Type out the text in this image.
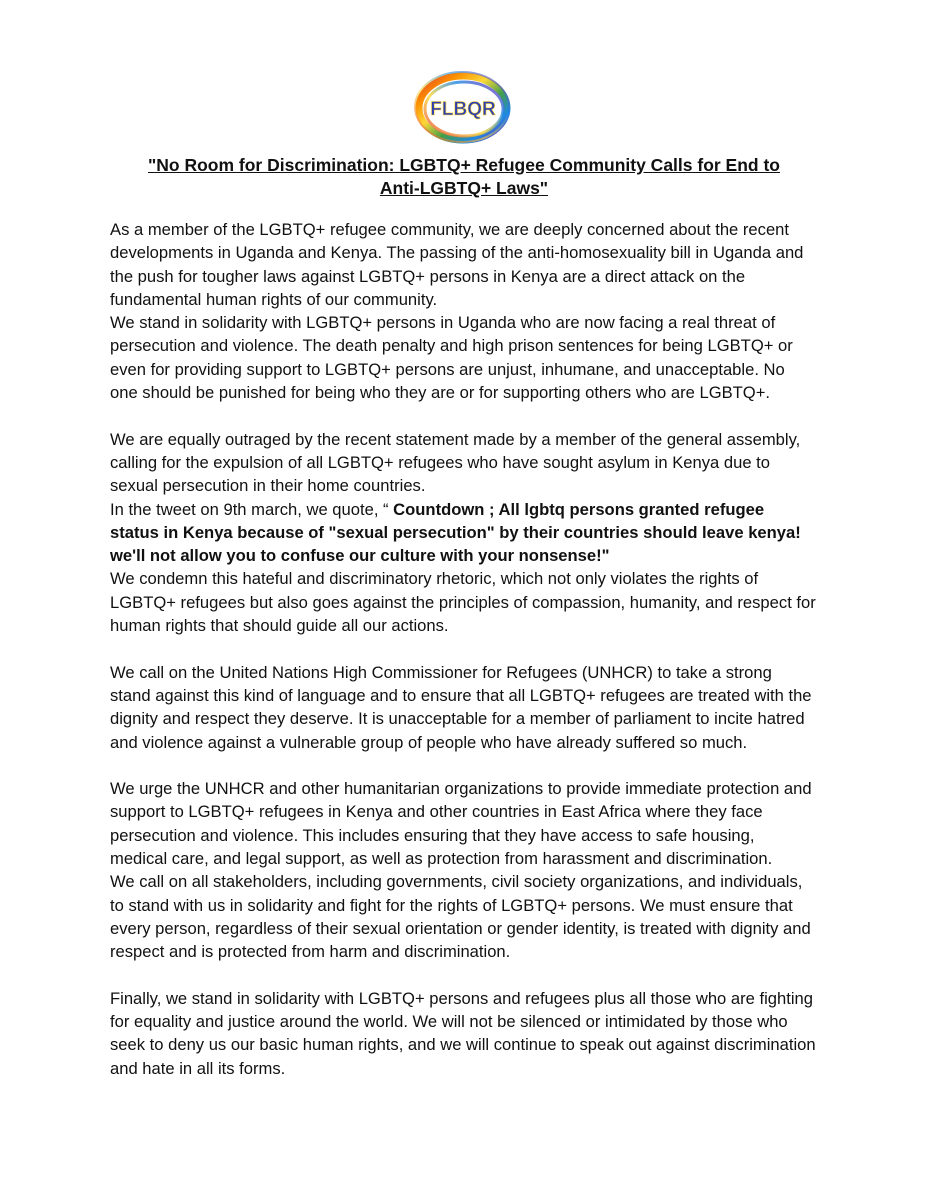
FLBQR
"No Room for Discrimination: LGBTQ+ Refugee Community Calls for End to
Anti-LGBTQ+ Laws"

As a member of the LGBTQ+ refugee community, we are deeply concerned about the recent
developments in Uganda and Kenya. The passing of the anti-homosexuality bill in Uganda and
the push for tougher laws against LGBTQ+ persons in Kenya are a direct attack on the
fundamental human rights of our community.

We stand in solidarity with LGBTQ+ persons in Uganda who are now facing a real threat of
persecution and violence. The death penalty and high prison sentences for being LGBTQ+ or
even for providing support to LGBTQ+ persons are unjust, inhumane, and unacceptable. No
one should be punished for being who they are or for supporting others who are LGBTQ+.

We are equally outraged by the recent statement made by a member of the general assembly,
calling for the expulsion of all LGBTQ+ refugees who have sought asylum in Kenya due to
sexual persecution in their home countries.

In the tweet on 9th march, we quote, “ Countdown ; All lgbtq persons granted refugee
status in Kenya because of "sexual persecution" by their countries should leave kenya!
we'll not allow you to confuse our culture with your nonsense!"

We condemn this hateful and discriminatory rhetoric, which not only violates the rights of
LGBTQ+ refugees but also goes against the principles of compassion, humanity, and respect for
human rights that should guide all our actions.

We call on the United Nations High Commissioner for Refugees (UNHCR) to take a strong
stand against this kind of language and to ensure that all LGBTQ+ refugees are treated with the
dignity and respect they deserve. It is unacceptable for a member of parliament to incite hatred
and violence against a vulnerable group of people who have already suffered so much.

We urge the UNHCR and other humanitarian organizations to provide immediate protection and
support to LGBTQ+ refugees in Kenya and other countries in East Africa where they face
persecution and violence. This includes ensuring that they have access to safe housing,
medical care, and legal support, as well as protection from harassment and discrimination.

We call on all stakeholders, including governments, civil society organizations, and individuals,
to stand with us in solidarity and fight for the rights of LGBTQ+ persons. We must ensure that
every person, regardless of their sexual orientation or gender identity, is treated with dignity and
respect and is protected from harm and discrimination.

Finally, we stand in solidarity with LGBTQ+ persons and refugees plus all those who are fighting
for equality and justice around the world. We will not be silenced or intimidated by those who
seek to deny us our basic human rights, and we will continue to speak out against discrimination
and hate in all its forms.
